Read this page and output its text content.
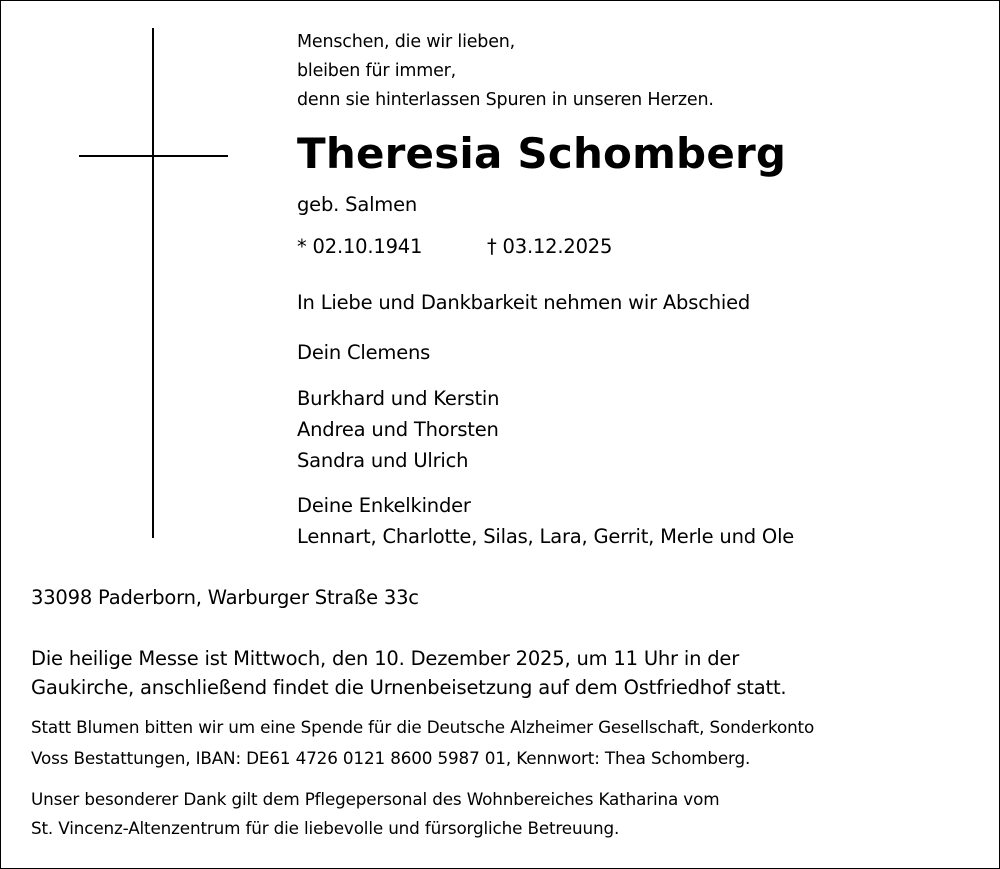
Menschen, die wir lieben,
bleiben für immer,
denn sie hinterlassen Spuren in unseren Herzen.
Theresia Schomberg
geb. Salmen
* 02.10.1941	† 03.12.2025
In Liebe und Dankbarkeit nehmen wir Abschied
Dein Clemens
Burkhard und Kerstin
Andrea und Thorsten
Sandra und Ulrich
Deine Enkelkinder
Lennart, Charlotte, Silas, Lara, Gerrit, Merle und Ole
33098 Paderborn, Warburger Straße 33c
Die heilige Messe ist Mittwoch, den 10. Dezember 2025, um 11 Uhr in der
Gaukirche, anschließend findet die Urnenbeisetzung auf dem Ostfriedhof statt.
Statt Blumen bitten wir um eine Spende für die Deutsche Alzheimer Gesellschaft, Sonderkonto
Voss Bestattungen, IBAN: DE61 4726 0121 8600 5987 01, Kennwort: Thea Schomberg.
Unser besonderer Dank gilt dem Pflegepersonal des Wohnbereiches Katharina vom
St. Vincenz-Altenzentrum für die liebevolle und fürsorgliche Betreuung.
